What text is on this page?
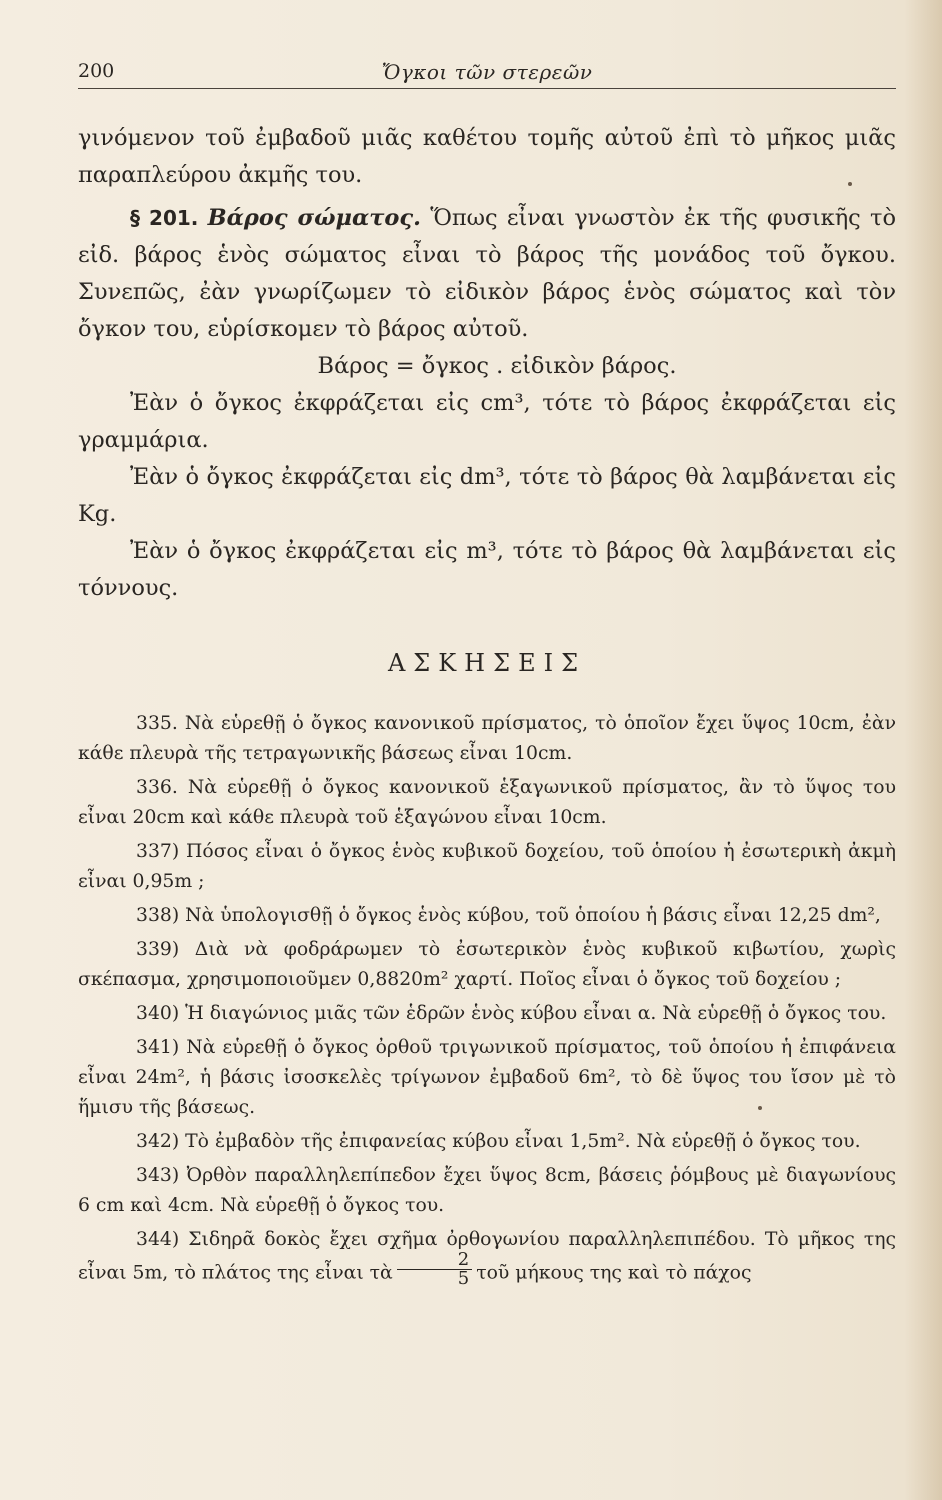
200	Ὄγκοι τῶν στερεῶν

γινόμενον τοῦ ἐμβαδοῦ μιᾶς καθέτου τομῆς αὐτοῦ ἐπὶ τὸ μῆκος μιᾶς παραπλεύρου ἀκμῆς του.

§ 201. Βάρος σώματος. Ὅπως εἶναι γνωστὸν ἐκ τῆς φυσικῆς τὸ εἰδ. βάρος ἑνὸς σώματος εἶναι τὸ βάρος τῆς μονάδος τοῦ ὄγκου. Συνεπῶς, ἐὰν γνωρίζωμεν τὸ εἰδικὸν βάρος ἑνὸς σώματος καὶ τὸν ὄγκον του, εὑρίσκομεν τὸ βάρος αὐτοῦ.

Βάρος = ὄγκος . εἰδικὸν βάρος.

Ἐὰν ὁ ὄγκος ἐκφράζεται εἰς cm³, τότε τὸ βάρος ἐκφράζεται εἰς γραμμάρια.

Ἐὰν ὁ ὄγκος ἐκφράζεται εἰς dm³, τότε τὸ βάρος θὰ λαμβάνεται εἰς Kg.

Ἐὰν ὁ ὄγκος ἐκφράζεται εἰς m³, τότε τὸ βάρος θὰ λαμβάνεται εἰς τόννους.

ΑΣΚΗΣΕΙΣ

335. Νὰ εὑρεθῇ ὁ ὄγκος κανονικοῦ πρίσματος, τὸ ὁποῖον ἔχει ὕψος 10cm, ἐὰν κάθε πλευρὰ τῆς τετραγωνικῆς βάσεως εἶναι 10cm.

336. Νὰ εὑρεθῇ ὁ ὄγκος κανονικοῦ ἑξαγωνικοῦ πρίσματος, ἂν τὸ ὕψος του εἶναι 20cm καὶ κάθε πλευρὰ τοῦ ἑξαγώνου εἶναι 10cm.

337) Πόσος εἶναι ὁ ὄγκος ἑνὸς κυβικοῦ δοχείου, τοῦ ὁποίου ἡ ἐσωτερικὴ ἀκμὴ εἶναι 0,95m ;

338) Νὰ ὑπολογισθῇ ὁ ὄγκος ἑνὸς κύβου, τοῦ ὁποίου ἡ βάσις εἶναι 12,25 dm²,

339) Διὰ νὰ φοδράρωμεν τὸ ἐσωτερικὸν ἑνὸς κυβικοῦ κιβωτίου, χωρὶς σκέπασμα, χρησιμοποιοῦμεν 0,8820m² χαρτί. Ποῖος εἶναι ὁ ὄγκος τοῦ δοχείου ;

340) Ἡ διαγώνιος μιᾶς τῶν ἑδρῶν ἑνὸς κύβου εἶναι α. Νὰ εὑρεθῇ ὁ ὄγκος του.

341) Νὰ εὑρεθῇ ὁ ὄγκος ὀρθοῦ τριγωνικοῦ πρίσματος, τοῦ ὁποίου ἡ ἐπιφάνεια εἶναι 24m², ἡ βάσις ἰσοσκελὲς τρίγωνον ἐμβαδοῦ 6m², τὸ δὲ ὕψος του ἴσον μὲ τὸ ἥμισυ τῆς βάσεως.

342) Τὸ ἐμβαδὸν τῆς ἐπιφανείας κύβου εἶναι 1,5m². Νὰ εὑρεθῇ ὁ ὄγκος του.

343) Ὀρθὸν παραλληλεπίπεδον ἔχει ὕψος 8cm, βάσεις ῥόμβους μὲ διαγωνίους 6 cm καὶ 4cm. Νὰ εὑρεθῇ ὁ ὄγκος του.

344) Σιδηρᾶ δοκὸς ἔχει σχῆμα ὀρθογωνίου παραλληλεπιπέδου. Τὸ μῆκος της εἶναι 5m, τὸ πλάτος της εἶναι τὰ $\frac{2}{5}$ τοῦ μήκους της καὶ τὸ πάχος
